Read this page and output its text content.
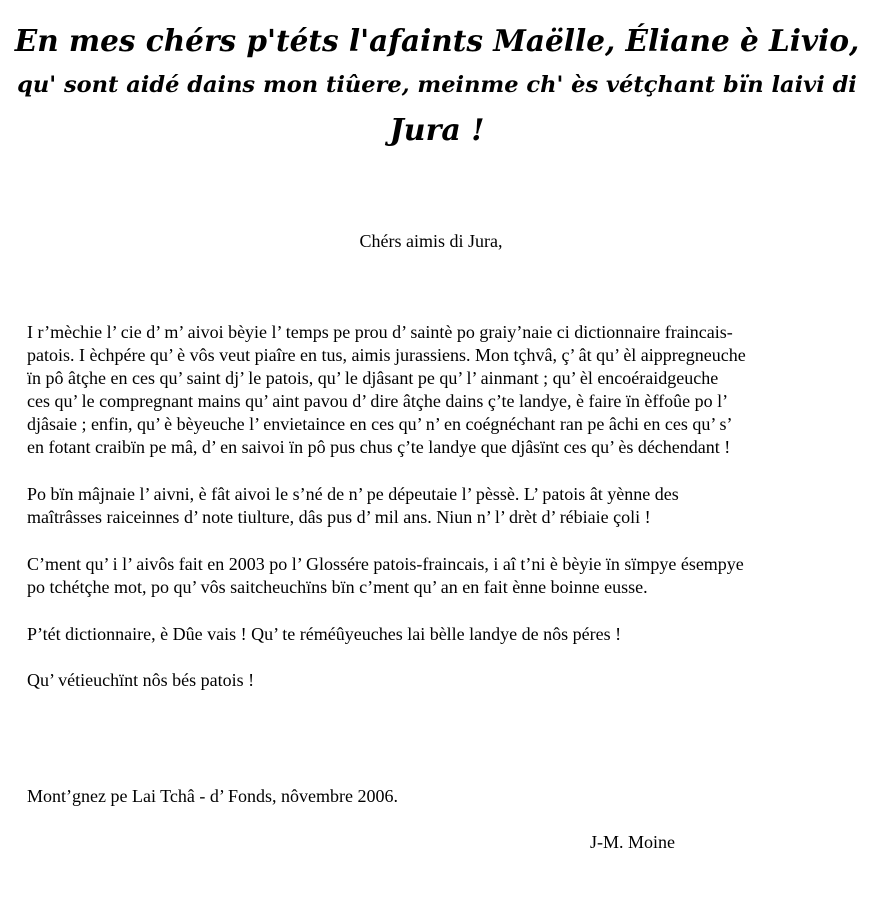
En mes chérs p'téts l'afaints Maëlle, Éliane è Livio,
qu' sont aidé dains mon tiûere, meinme ch' ès vétçhant bïn laivi di
Jura !
Chérs aimis di Jura,
I r’mèchie l’ cie d’ m’ aivoi bèyie l’ temps pe prou d’ saintè po graiy’naie ci dictionnaire fraincais-
patois. I èchpére qu’ è vôs veut piaîre en tus, aimis jurassiens. Mon tçhvâ, ç’ ât qu’ èl aippregneuche
ïn pô âtçhe en ces qu’ saint dj’ le patois, qu’ le djâsant pe qu’ l’ ainmant ; qu’ èl encoéraidgeuche
ces qu’ le compregnant mains qu’ aint pavou d’ dire âtçhe dains ç’te landye, è faire ïn èffoûe po l’
djâsaie ; enfin, qu’ è bèyeuche l’ envietaince en ces qu’ n’ en coégnéchant ran pe âchi en ces qu’ s’
en fotant craibïn pe mâ, d’ en saivoi ïn pô pus chus ç’te landye que djâsïnt ces qu’ ès déchendant !
Po bïn mâjnaie l’ aivni, è fât aivoi le s’né de n’ pe dépeutaie l’ pèssè. L’ patois ât yènne des
maîtrâsses raiceinnes d’ note tiulture, dâs pus d’ mil ans. Niun n’ l’ drèt d’ rébiaie çoli !
C’ment qu’ i l’ aivôs fait en 2003 po l’ Glossére patois-fraincais, i aî t’ni è bèyie ïn sïmpye ésempye
po tchétçhe mot, po qu’ vôs saitcheuchïns bïn c’ment qu’ an en fait ènne boinne eusse.
P’tét dictionnaire, è Dûe vais ! Qu’ te réméûyeuches lai bèlle landye de nôs péres !
Qu’ vétieuchïnt nôs bés patois !
Mont’gnez pe Lai Tchâ - d’ Fonds, nôvembre 2006.
J-M. Moine
